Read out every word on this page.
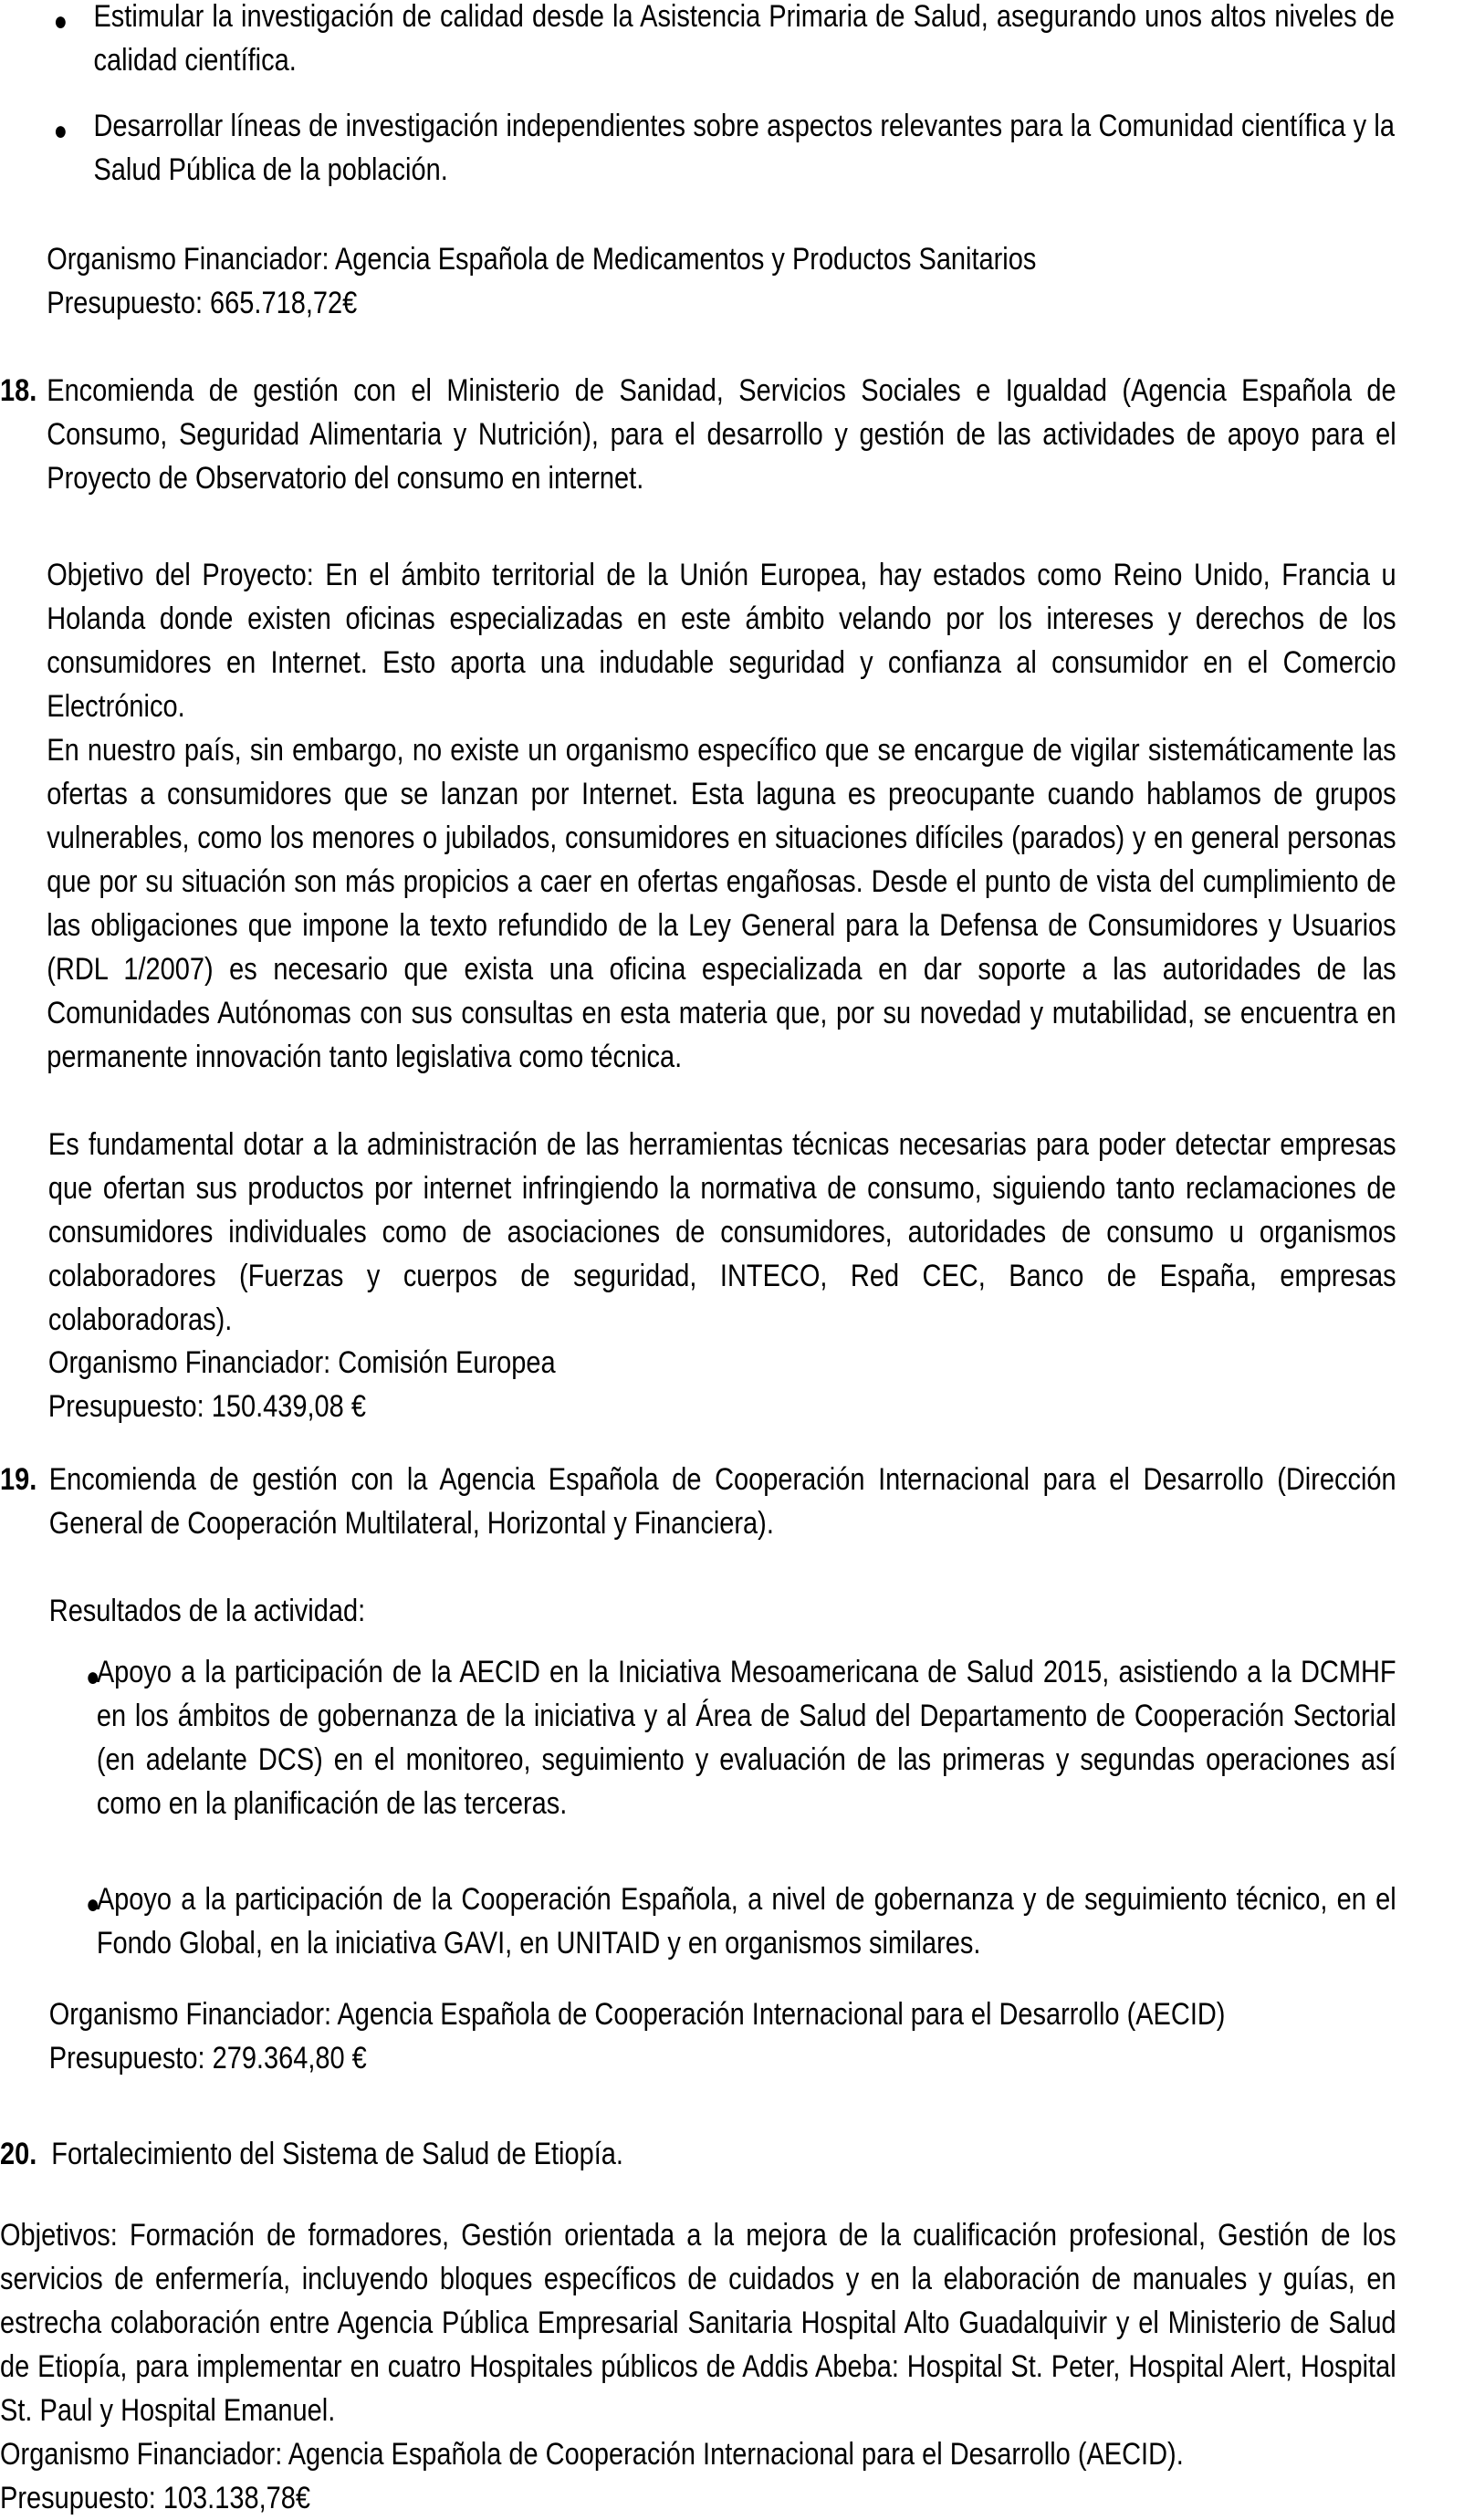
● Estimular la investigación de calidad desde la Asistencia Primaria de Salud, asegurando unos altos niveles de calidad científica.

● Desarrollar líneas de investigación independientes sobre aspectos relevantes para la Comunidad científica y la Salud Pública de la población.

Organismo Financiador: Agencia Española de Medicamentos y Productos Sanitarios

Presupuesto: 665.718,72€

18. Encomienda de gestión con el Ministerio de Sanidad, Servicios Sociales e Igualdad (Agencia Española de Consumo, Seguridad Alimentaria y Nutrición), para el desarrollo y gestión de las actividades de apoyo para el Proyecto de Observatorio del consumo en internet.

Objetivo del Proyecto: En el ámbito territorial de la Unión Europea, hay estados como Reino Unido, Francia u Holanda donde existen oficinas especializadas en este ámbito velando por los intereses y derechos de los consumidores en Internet. Esto aporta una indudable seguridad y confianza al consumidor en el Comercio Electrónico.

En nuestro país, sin embargo, no existe un organismo específico que se encargue de vigilar sistemáticamente las ofertas a consumidores que se lanzan por Internet. Esta laguna es preocupante cuando hablamos de grupos vulnerables, como los menores o jubilados, consumidores en situaciones difíciles (parados) y en general personas que por su situación son más propicios a caer en ofertas engañosas. Desde el punto de vista del cumplimiento de las obligaciones que impone la texto refundido de la Ley General para la Defensa de Consumidores y Usuarios (RDL 1/2007) es necesario que exista una oficina especializada en dar soporte a las autoridades de las Comunidades Autónomas con sus consultas en esta materia que, por su novedad y mutabilidad, se encuentra en permanente innovación tanto legislativa como técnica.

Es fundamental dotar a la administración de las herramientas técnicas necesarias para poder detectar empresas que ofertan sus productos por internet infringiendo la normativa de consumo, siguiendo tanto reclamaciones de consumidores individuales como de asociaciones de consumidores, autoridades de consumo u organismos colaboradores (Fuerzas y cuerpos de seguridad, INTECO, Red CEC, Banco de España, empresas colaboradoras).

Organismo Financiador: Comisión Europea

Presupuesto: 150.439,08 €

19. Encomienda de gestión con la Agencia Española de Cooperación Internacional para el Desarrollo (Dirección General de Cooperación Multilateral, Horizontal y Financiera).

Resultados de la actividad:

●

Apoyo a la participación de la AECID en la Iniciativa Mesoamericana de Salud 2015, asistiendo a la DCMHF en los ámbitos de gobernanza de la iniciativa y al Área de Salud del Departamento de Cooperación Sectorial (en adelante DCS) en el monitoreo, seguimiento y evaluación de las primeras y segundas operaciones así como en la planificación de las terceras.

●

Apoyo a la participación de la Cooperación Española, a nivel de gobernanza y de seguimiento técnico, en el Fondo Global, en la iniciativa GAVI, en UNITAID y en organismos similares.

Organismo Financiador: Agencia Española de Cooperación Internacional para el Desarrollo (AECID)

Presupuesto: 279.364,80 €

20. Fortalecimiento del Sistema de Salud de Etiopía.

Objetivos: Formación de formadores, Gestión orientada a la mejora de la cualificación profesional, Gestión de los servicios de enfermería, incluyendo bloques específicos de cuidados y en la elaboración de manuales y guías, en estrecha colaboración entre Agencia Pública Empresarial Sanitaria Hospital Alto Guadalquivir y el Ministerio de Salud de Etiopía, para implementar en cuatro Hospitales públicos de Addis Abeba: Hospital St. Peter, Hospital Alert, Hospital St. Paul y Hospital Emanuel.

Organismo Financiador: Agencia Española de Cooperación Internacional para el Desarrollo (AECID).

Presupuesto: 103.138,78€
